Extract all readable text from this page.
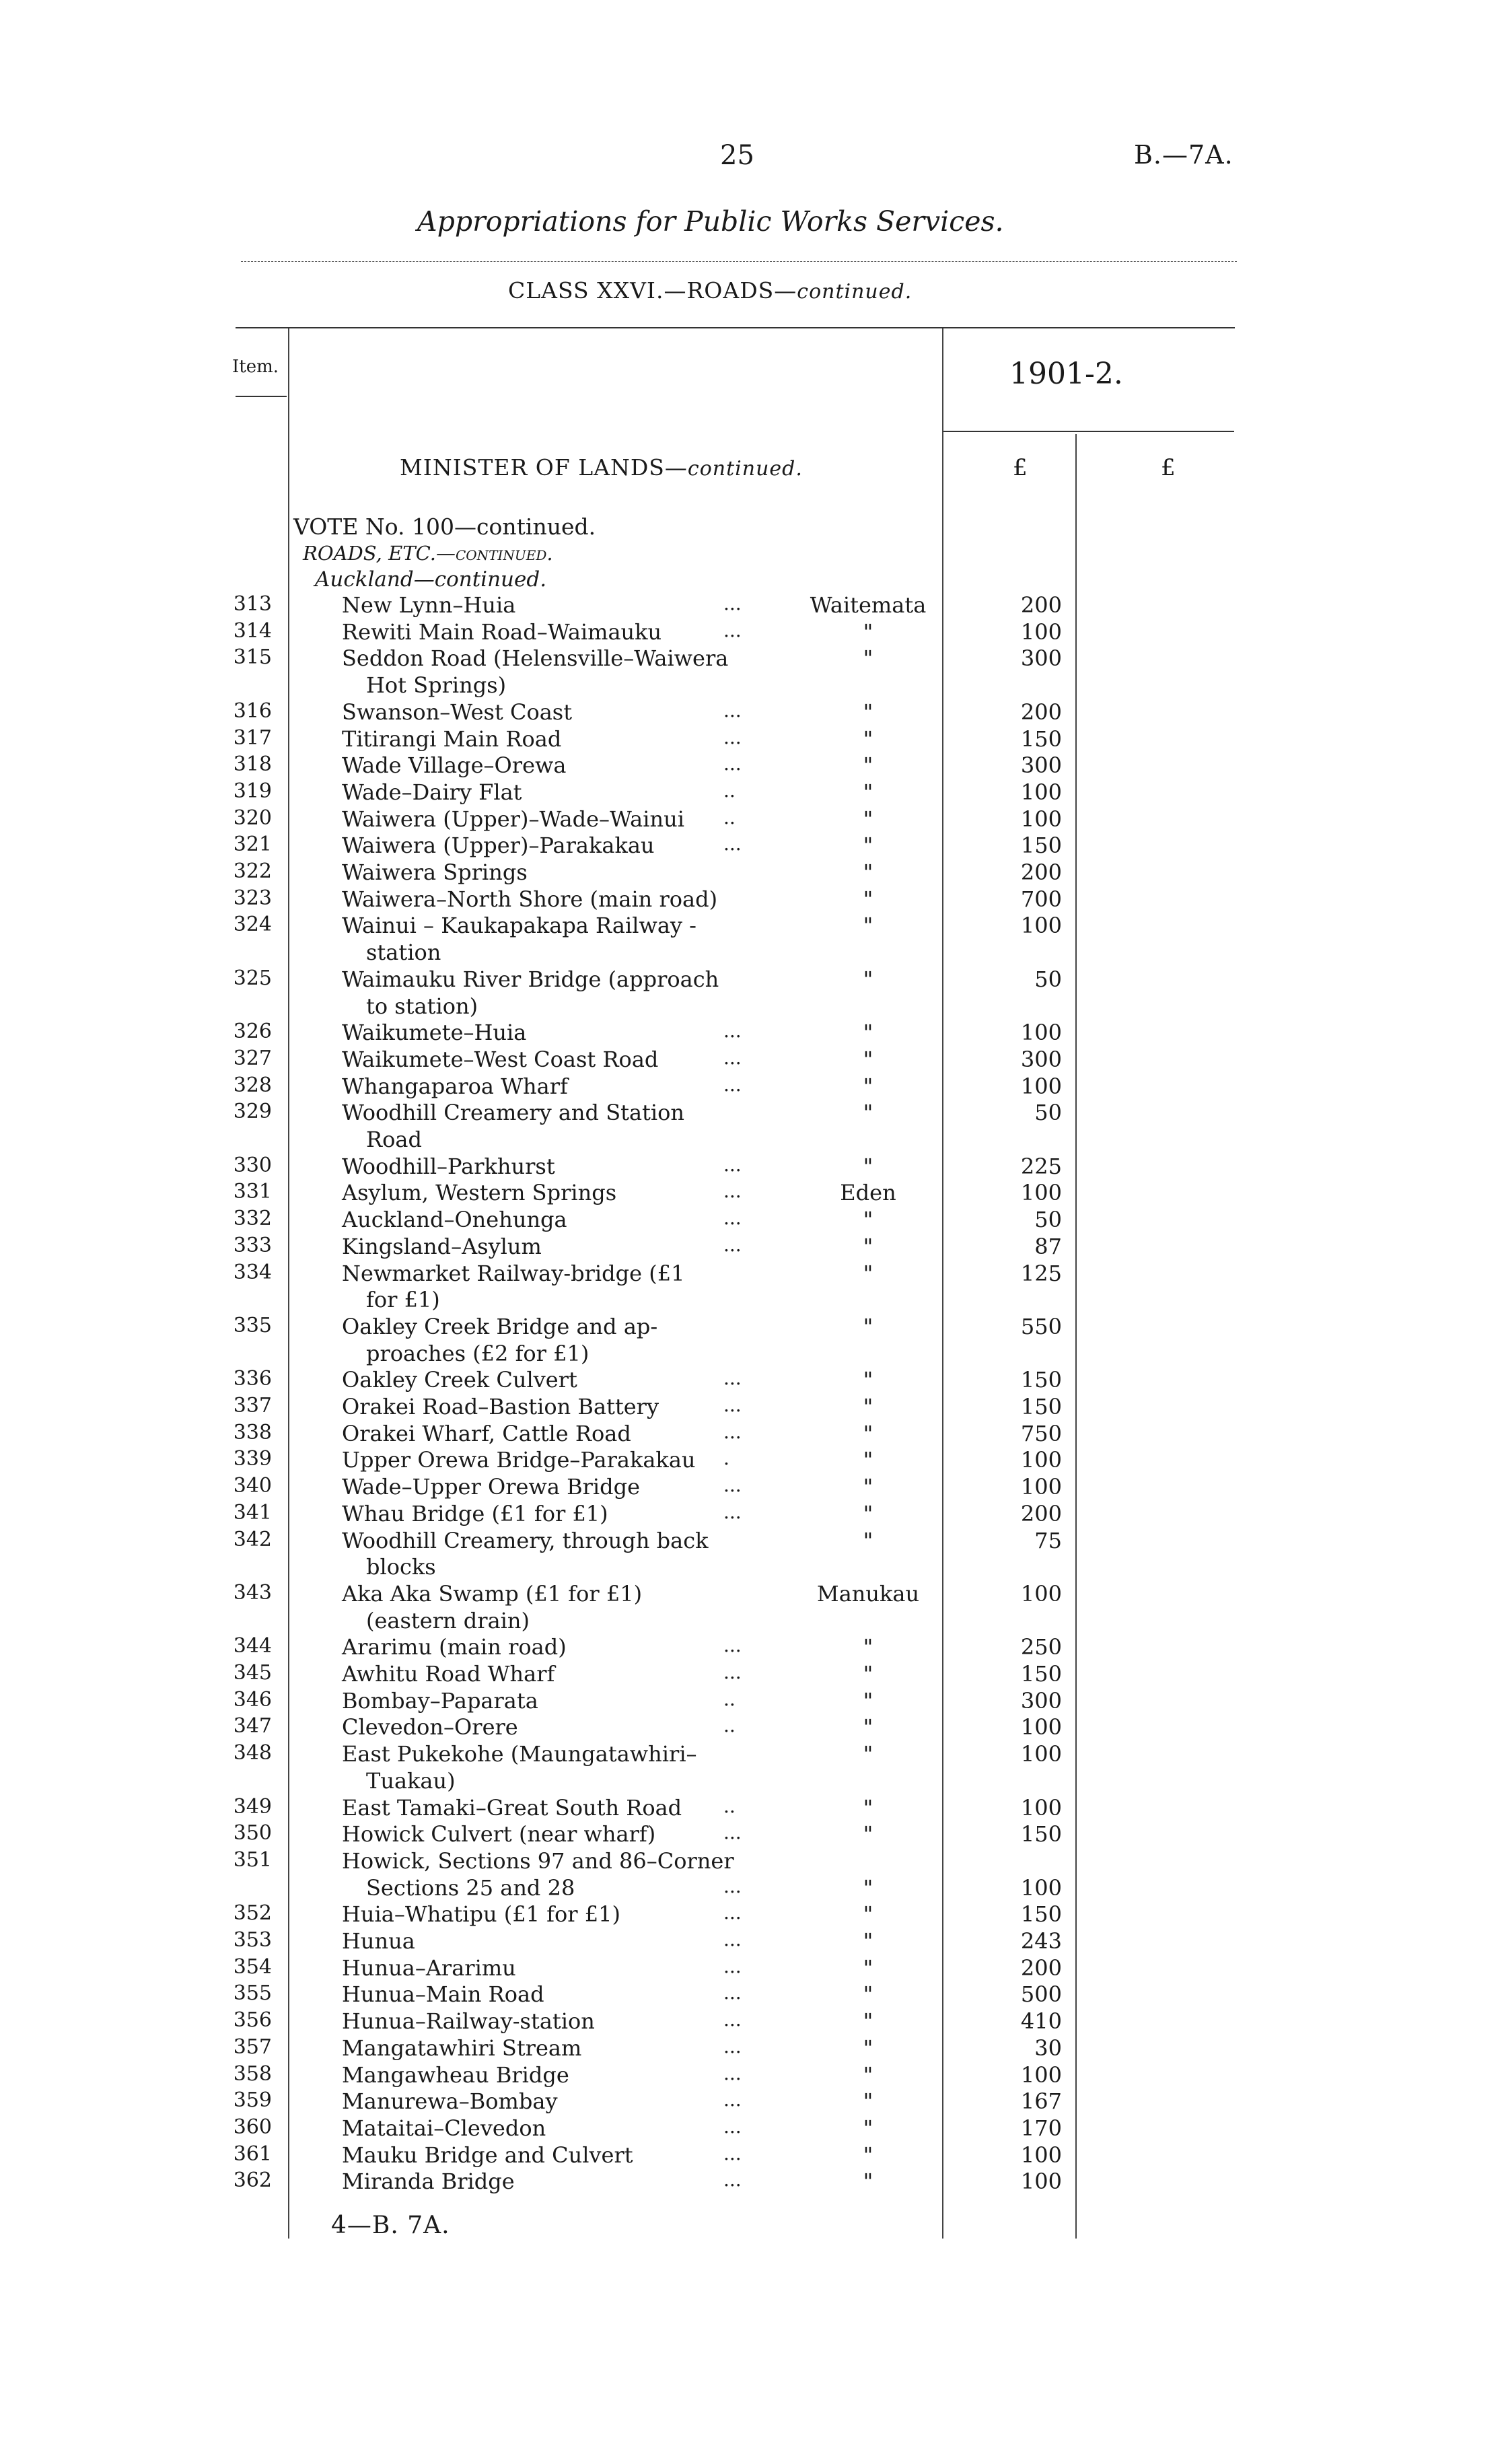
25	B.—7A.
Appropriations for Public Works Services.
CLASS XXVI.—ROADS—continued.
Item.	1901-2.
MINISTER OF LANDS—continued.	£	£
VOTE No. 100—continued.
ROADS, ETC.—continued.
Auckland—continued.
313	New Lynn–Huia	...	Waitemata	200
314	Rewiti Main Road–Waimauku	...	"	100
315	Seddon Road (Helensville–Waiwera
Hot Springs)
"	300
316	Swanson–West Coast	...	"	200
317	Titirangi Main Road	...	"	150
318	Wade Village–Orewa	...	"	300
319	Wade–Dairy Flat	..	"	100
320	Waiwera (Upper)–Wade–Wainui ..	"	100
321	Waiwera (Upper)–Parakakau	...	"	150
322	Waiwera Springs	"	200
323	Waiwera–North Shore (main road)	"	700
324	Wainui – Kaukapakapa Railway -
station
"	100
325	Waimauku River Bridge (approach
to station)
"	50
326	Waikumete–Huia	...	"	100
327	Waikumete–West Coast Road	...	"	300
328	Whangaparoa Wharf	...	"	100
329	Woodhill Creamery and Station
Road
"	50
330	Woodhill–Parkhurst	...	"	225
331	Asylum, Western Springs	...	Eden	100
332	Auckland–Onehunga	...	"	50
333	Kingsland–Asylum	...	"	87
334	Newmarket Railway-bridge (£1
for £1)
"	125
335	Oakley Creek Bridge and ap-
proaches (£2 for £1)
"	550
336	Oakley Creek Culvert	...	"	150
337	Orakei Road–Bastion Battery	...	"	150
338	Orakei Wharf, Cattle Road	...	"	750
339	Upper Orewa Bridge–Parakakau .	"	100
340	Wade–Upper Orewa Bridge	...	"	100
341	Whau Bridge (£1 for £1)	...	"	200
342	Woodhill Creamery, through back
blocks
"	75
343	Aka Aka Swamp (£1 for £1)
(eastern drain)
Manukau	100
344	Ararimu (main road)	...	"	250
345	Awhitu Road Wharf	...	"	150
346	Bombay–Paparata	..	"	300
347	Clevedon–Orere	..	"	100
348	East Pukekohe (Maungatawhiri–
Tuakau)
"	100
349	East Tamaki–Great South Road ..	"	100
350	Howick Culvert (near wharf)	...	"	150
351	Howick, Sections 97 and 86–Corner
Sections 25 and 28	...	"	100
352	Huia–Whatipu (£1 for £1)	...	"	150
353	Hunua	...	"	243
354	Hunua–Ararimu	...	"	200
355	Hunua–Main Road	...	"	500
356	Hunua–Railway-station	...	"	410
357	Mangatawhiri Stream	...	"	30
358	Mangawheau Bridge	...	"	100
359	Manurewa–Bombay	...	"	167
360	Mataitai–Clevedon	...	"	170
361	Mauku Bridge and Culvert	...	"	100
362	Miranda Bridge	...	"	100
4—B. 7A.
